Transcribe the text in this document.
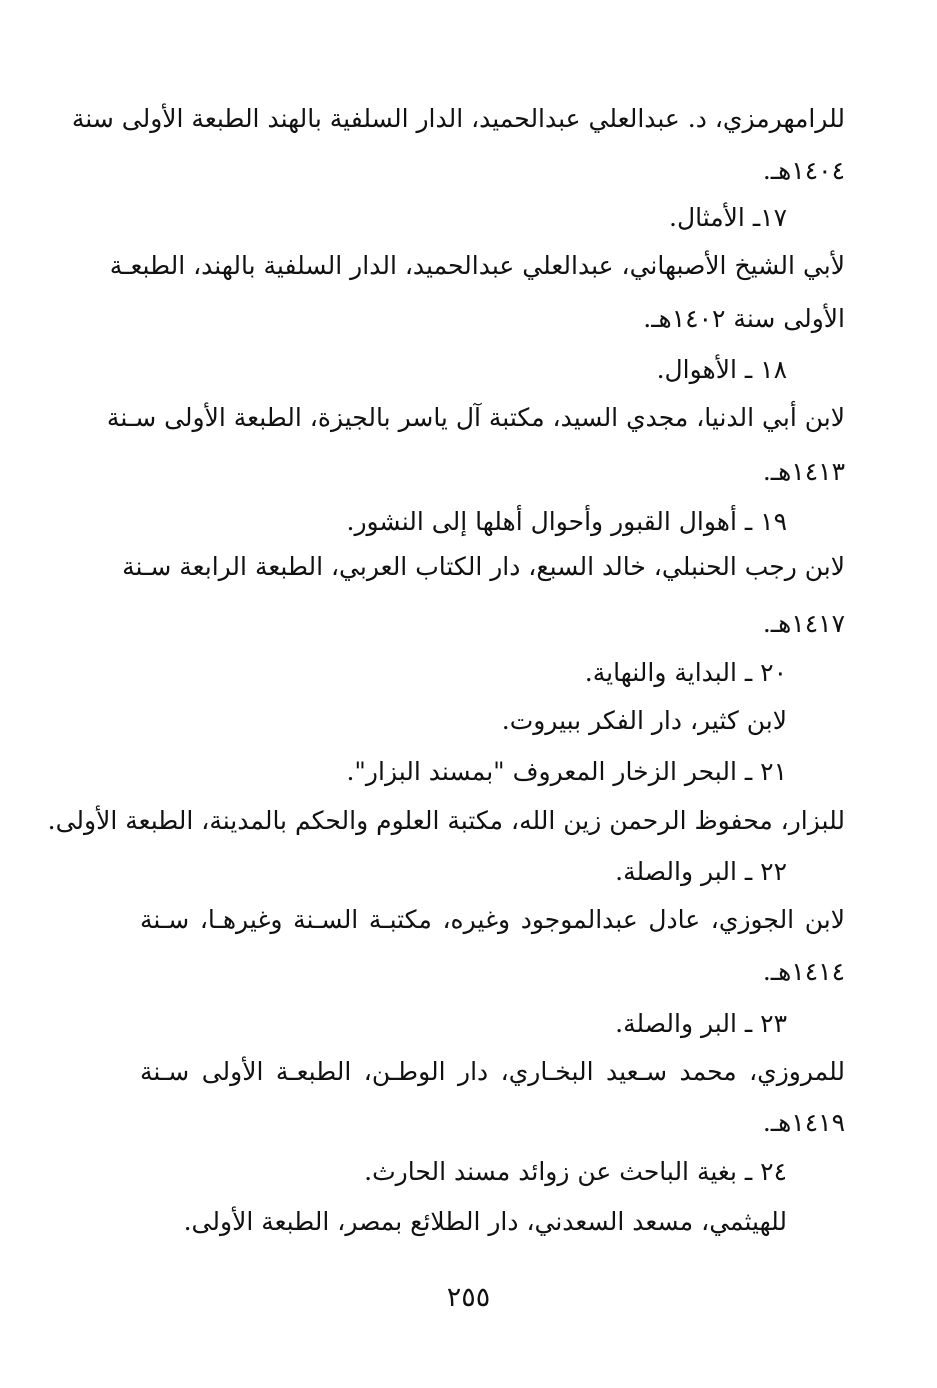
للرامهرمزي، د. عبدالعلي عبدالحميد، الدار السلفية بالهند الطبعة الأولى سنة
١٤٠٤هـ.
١٧ـ الأمثال.
لأبي الشيخ الأصبهاني، عبدالعلي عبدالحميد، الدار السلفية بالهند، الطبعـة
الأولى سنة ١٤٠٢هـ.
١٨ ـ الأهوال.
لابن أبي الدنيا، مجدي السيد، مكتبة آل ياسر بالجيزة، الطبعة الأولى سـنة
١٤١٣هـ.
١٩ ـ أهوال القبور وأحوال أهلها إلى النشور.
لابن رجب الحنبلي، خالد السبع، دار الكتاب العربي، الطبعة الرابعة سـنة
١٤١٧هـ.
٢٠ ـ البداية والنهاية.
لابن كثير، دار الفكر ببيروت.
٢١ ـ البحر الزخار المعروف "بمسند البزار".
للبزار، محفوظ الرحمن زين الله، مكتبة العلوم والحكم بالمدينة، الطبعة الأولى.
٢٢ ـ البر والصلة.
لابن الجوزي، عادل عبدالموجود وغيره، مكتبـة السـنة وغيرهـا، سـنة
١٤١٤هـ.
٢٣ ـ البر والصلة.
للمروزي، محمد سـعيد البخـاري، دار الوطـن، الطبعـة الأولى سـنة
١٤١٩هـ.
٢٤ ـ بغية الباحث عن زوائد مسند الحارث.
للهيثمي، مسعد السعدني، دار الطلائع بمصر، الطبعة الأولى.
٢٥٥
